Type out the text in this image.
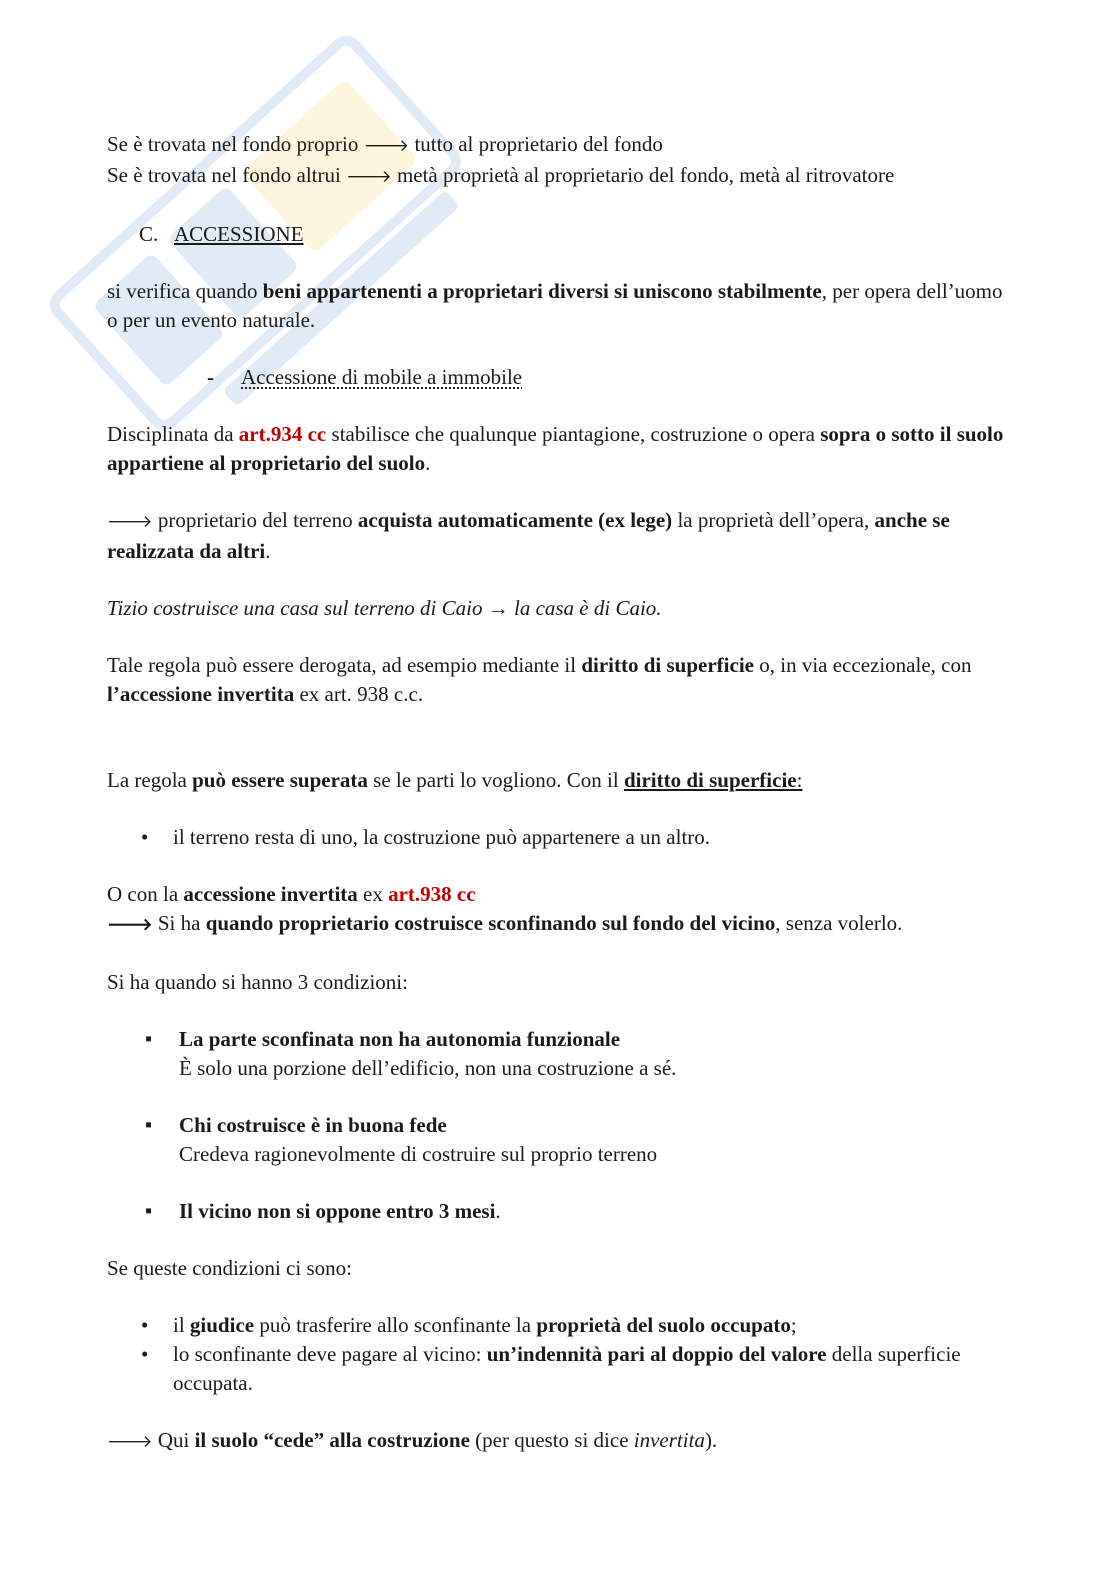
Se è trovata nel fondo proprio 🡒 tutto al proprietario del fondo

Se è trovata nel fondo altrui 🡒 metà proprietà al proprietario del fondo, metà al ritrovatore

C. ACCESSIONE

si verifica quando beni appartenenti a proprietari diversi si uniscono stabilmente, per opera dell’uomo o per un evento naturale.

- Accessione di mobile a immobile

Disciplinata da art.934 cc stabilisce che qualunque piantagione, costruzione o opera sopra o sotto il suolo appartiene al proprietario del suolo.

🡒 proprietario del terreno acquista automaticamente (ex lege) la proprietà dell’opera, anche se realizzata da altri.

Tizio costruisce una casa sul terreno di Caio → la casa è di Caio.

Tale regola può essere derogata, ad esempio mediante il diritto di superficie o, in via eccezionale, con l’accessione invertita ex art. 938 c.c.

La regola può essere superata se le parti lo vogliono. Con il diritto di superficie:

• il terreno resta di uno, la costruzione può appartenere a un altro.

O con la accessione invertita ex art.938 cc

🡒 Si ha quando proprietario costruisce sconfinando sul fondo del vicino, senza volerlo.

Si ha quando si hanno 3 condizioni:

▪ La parte sconfinata non ha autonomia funzionale
È solo una porzione dell’edificio, non una costruzione a sé.
▪ Chi costruisce è in buona fede
Credeva ragionevolmente di costruire sul proprio terreno
▪ Il vicino non si oppone entro 3 mesi.

Se queste condizioni ci sono:

• il giudice può trasferire allo sconfinante la proprietà del suolo occupato;
• lo sconfinante deve pagare al vicino: un’indennità pari al doppio del valore della superficie occupata.

🡒 Qui il suolo “cede” alla costruzione (per questo si dice invertita).
